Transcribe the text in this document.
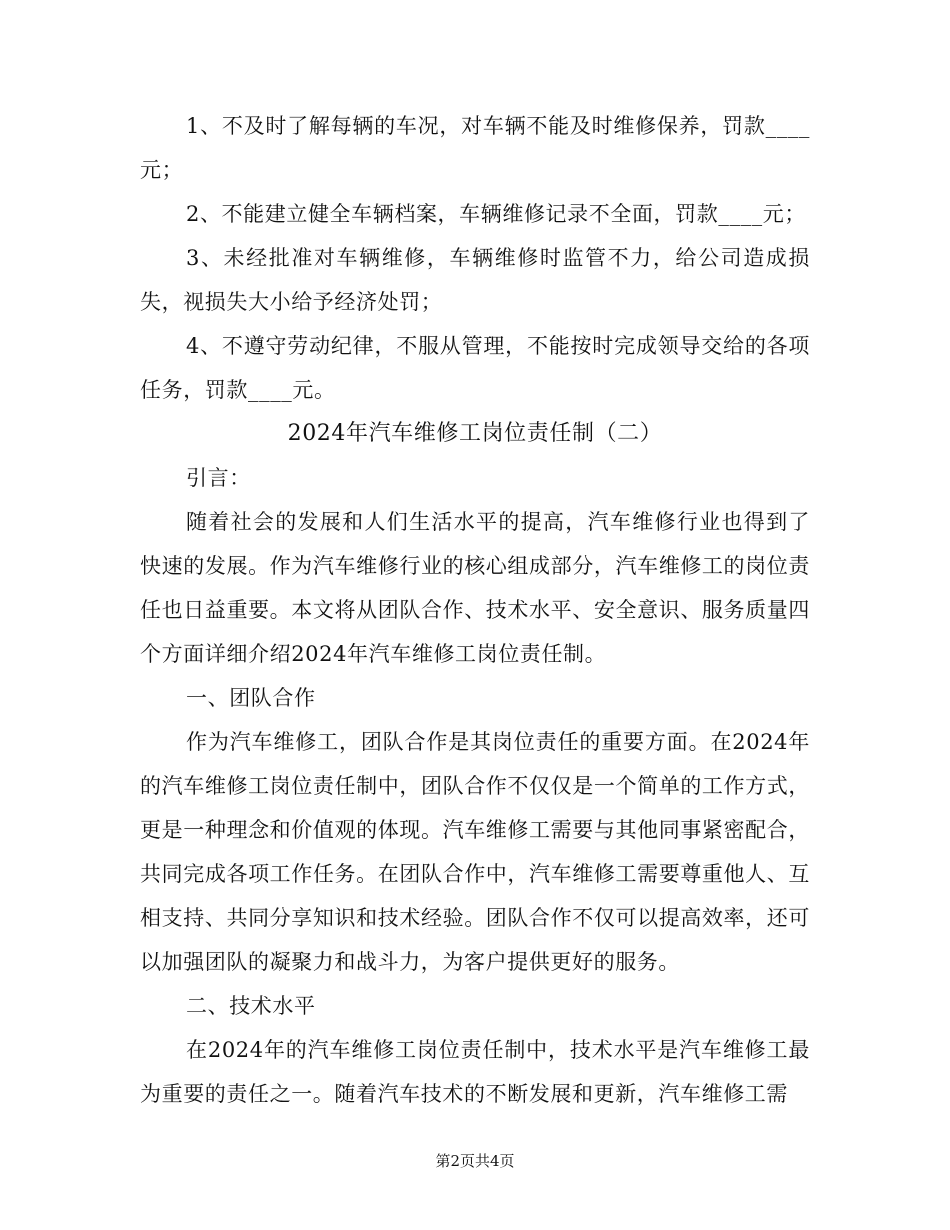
1、不及时了解每辆的车况，对车辆不能及时维修保养，罚款____元；

2、不能建立健全车辆档案，车辆维修记录不全面，罚款____元；

3、未经批准对车辆维修，车辆维修时监管不力，给公司造成损失，视损失大小给予经济处罚；

4、不遵守劳动纪律，不服从管理，不能按时完成领导交给的各项任务，罚款____元。

2024年汽车维修工岗位责任制（二）

引言：

随着社会的发展和人们生活水平的提高，汽车维修行业也得到了快速的发展。作为汽车维修行业的核心组成部分，汽车维修工的岗位责任也日益重要。本文将从团队合作、技术水平、安全意识、服务质量四个方面详细介绍2024年汽车维修工岗位责任制。

一、团队合作

作为汽车维修工，团队合作是其岗位责任的重要方面。在2024年的汽车维修工岗位责任制中，团队合作不仅仅是一个简单的工作方式，更是一种理念和价值观的体现。汽车维修工需要与其他同事紧密配合，共同完成各项工作任务。在团队合作中，汽车维修工需要尊重他人、互相支持、共同分享知识和技术经验。团队合作不仅可以提高效率，还可以加强团队的凝聚力和战斗力，为客户提供更好的服务。

二、技术水平

在2024年的汽车维修工岗位责任制中，技术水平是汽车维修工最为重要的责任之一。随着汽车技术的不断发展和更新，汽车维修工需

第2页共4页
